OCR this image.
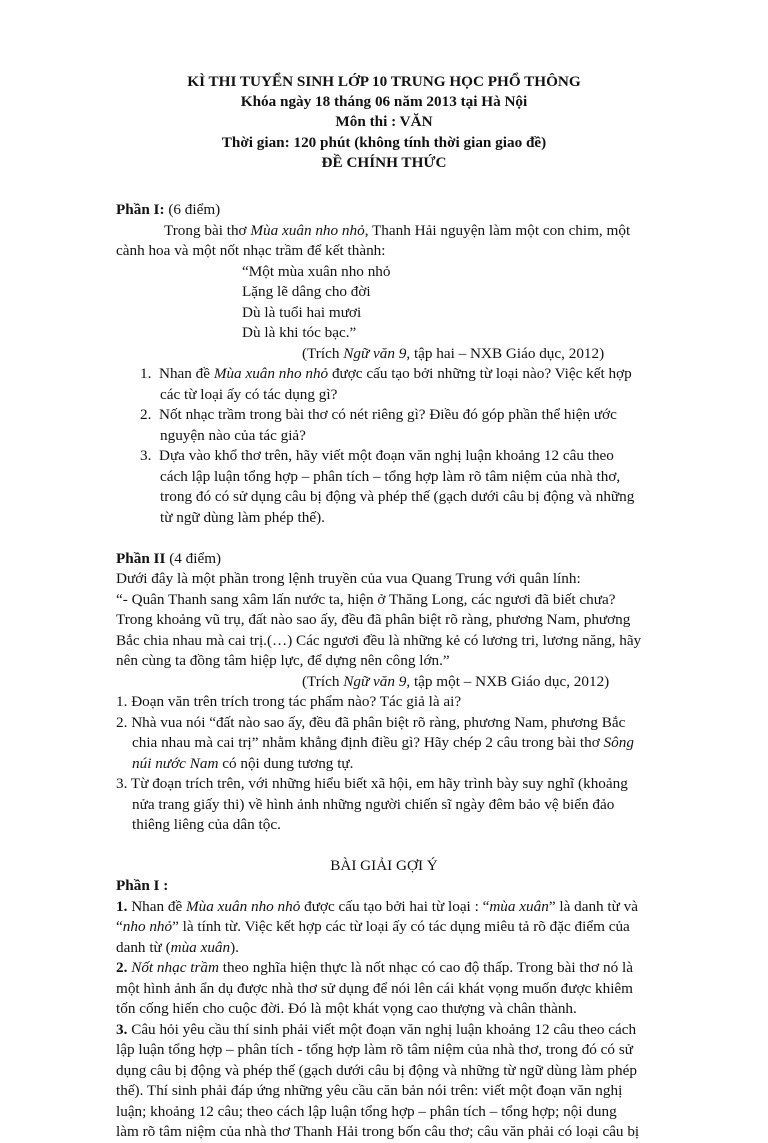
KÌ THI TUYỂN SINH LỚP 10 TRUNG HỌC PHỔ THÔNG
Khóa ngày 18 tháng 06 năm 2013 tại Hà Nội
Môn thi : VĂN
Thời gian: 120 phút (không tính thời gian giao đề)
ĐỀ CHÍNH THỨC
Phần I: (6 điểm)
Trong bài thơ Mùa xuân nho nhỏ, Thanh Hải nguyện làm một con chim, một
cành hoa và một nốt nhạc trầm để kết thành:
“Một mùa xuân nho nhỏ
Lặng lẽ dâng cho đời
Dù là tuổi hai mươi
Dù là khi tóc bạc.”
(Trích Ngữ văn 9, tập hai – NXB Giáo dục, 2012)
1. Nhan đề Mùa xuân nho nhỏ được cấu tạo bởi những từ loại nào? Việc kết hợp
các từ loại ấy có tác dụng gì?
2. Nốt nhạc trầm trong bài thơ có nét riêng gì? Điều đó góp phần thể hiện ước
nguyện nào của tác giả?
3. Dựa vào khổ thơ trên, hãy viết một đoạn văn nghị luận khoảng 12 câu theo
cách lập luận tổng hợp – phân tích – tổng hợp làm rõ tâm niệm của nhà thơ,
trong đó có sử dụng câu bị động và phép thế (gạch dưới câu bị động và những
từ ngữ dùng làm phép thế).
Phần II (4 điểm)
Dưới đây là một phần trong lệnh truyền của vua Quang Trung với quân lính:
“- Quân Thanh sang xâm lấn nước ta, hiện ở Thăng Long, các ngươi đã biết chưa?
Trong khoảng vũ trụ, đất nào sao ấy, đều đã phân biệt rõ ràng, phương Nam, phương
Bắc chia nhau mà cai trị.(…) Các ngươi đều là những kẻ có lương tri, lương năng, hãy
nên cùng ta đồng tâm hiệp lực, để dựng nên công lớn.”
(Trích Ngữ văn 9, tập một – NXB Giáo dục, 2012)
1. Đoạn văn trên trích trong tác phẩm nào? Tác giả là ai?
2. Nhà vua nói “đất nào sao ấy, đều đã phân biệt rõ ràng, phương Nam, phương Bắc
chia nhau mà cai trị” nhằm khẳng định điều gì? Hãy chép 2 câu trong bài thơ Sông
núi nước Nam có nội dung tương tự.
3. Từ đoạn trích trên, với những hiểu biết xã hội, em hãy trình bày suy nghĩ (khoảng
nửa trang giấy thi) về hình ảnh những người chiến sĩ ngày đêm bảo vệ biển đảo
thiêng liêng của dân tộc.
BÀI GIẢI GỢI Ý
Phần I :
1. Nhan đề Mùa xuân nho nhỏ được cấu tạo bởi hai từ loại : “mùa xuân” là danh từ và
“nho nhỏ” là tính từ. Việc kết hợp các từ loại ấy có tác dụng miêu tả rõ đặc điểm của
danh từ (mùa xuân).
2. Nốt nhạc trầm theo nghĩa hiện thực là nốt nhạc có cao độ thấp. Trong bài thơ nó là
một hình ảnh ẩn dụ được nhà thơ sử dụng để nói lên cái khát vọng muốn được khiêm
tốn cống hiến cho cuộc đời. Đó là một khát vọng cao thượng và chân thành.
3. Câu hỏi yêu cầu thí sinh phải viết một đoạn văn nghị luận khoảng 12 câu theo cách
lập luận tổng hợp – phân tích - tổng hợp làm rõ tâm niệm của nhà thơ, trong đó có sử
dụng câu bị động và phép thế (gạch dưới câu bị động và những từ ngữ dùng làm phép
thế). Thí sinh phải đáp ứng những yêu cầu căn bản nói trên: viết một đoạn văn nghị
luận; khoảng 12 câu; theo cách lập luận tổng hợp – phân tích – tổng hợp; nội dung
làm rõ tâm niệm của nhà thơ Thanh Hải trong bốn câu thơ; câu văn phải có loại câu bị
